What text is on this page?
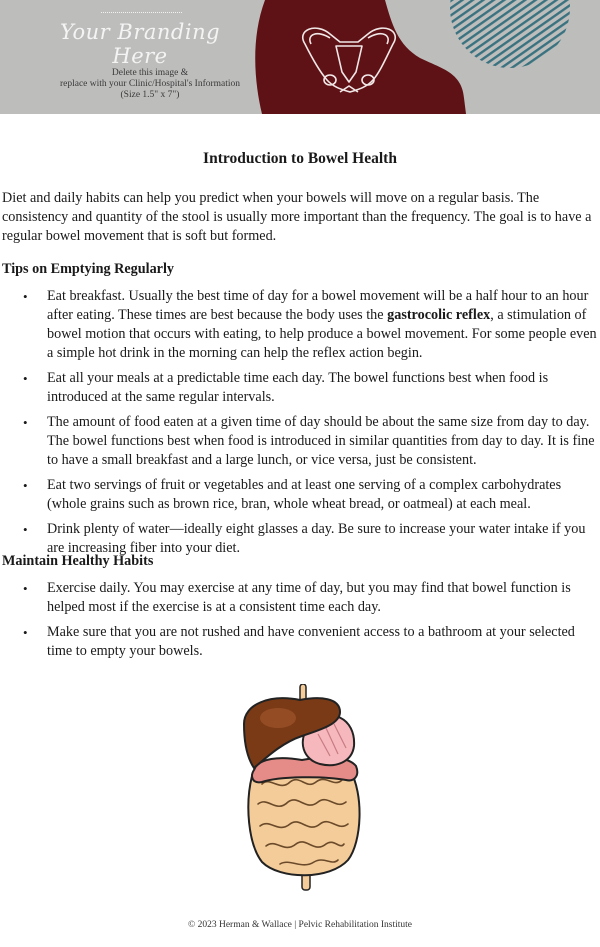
Your Branding Here
Delete this image &
replace with your Clinic/Hospital's Information
(Size 1.5" x 7")
Introduction to Bowel Health

Diet and daily habits can help you predict when your bowels will move on a regular basis. The consistency and quantity of the stool is usually more important than the frequency. The goal is to have a regular bowel movement that is soft but formed.

Tips on Emptying Regularly
• Eat breakfast. Usually the best time of day for a bowel movement will be a half hour to an hour after eating. These times are best because the body uses the gastrocolic reflex, a stimulation of bowel motion that occurs with eating, to help produce a bowel movement. For some people even a simple hot drink in the morning can help the reflex action begin.
• Eat all your meals at a predictable time each day. The bowel functions best when food is introduced at the same regular intervals.
• The amount of food eaten at a given time of day should be about the same size from day to day. The bowel functions best when food is introduced in similar quantities from day to day. It is fine to have a small breakfast and a large lunch, or vice versa, just be consistent.
• Eat two servings of fruit or vegetables and at least one serving of a complex carbohydrates (whole grains such as brown rice, bran, whole wheat bread, or oatmeal) at each meal.
• Drink plenty of water—ideally eight glasses a day. Be sure to increase your water intake if you are increasing fiber into your diet.
Maintain Healthy Habits
• Exercise daily. You may exercise at any time of day, but you may find that bowel function is helped most if the exercise is at a consistent time each day.
• Make sure that you are not rushed and have convenient access to a bathroom at your selected time to empty your bowels.
© 2023 Herman & Wallace | Pelvic Rehabilitation Institute
